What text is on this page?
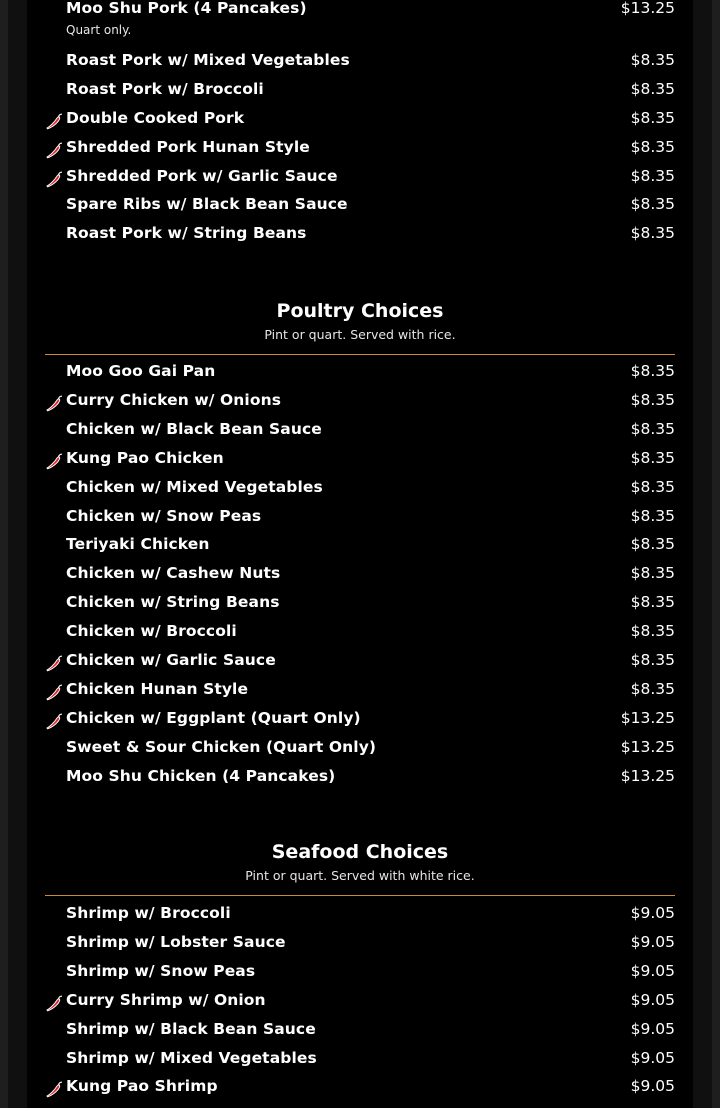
Moo Shu Pork (4 Pancakes)	$13.25
Quart only.
Roast Pork w/ Mixed Vegetables	$8.35
Roast Pork w/ Broccoli	$8.35
Double Cooked Pork	$8.35
Shredded Pork Hunan Style	$8.35
Shredded Pork w/ Garlic Sauce	$8.35
Spare Ribs w/ Black Bean Sauce	$8.35
Roast Pork w/ String Beans	$8.35
Poultry Choices
Pint or quart. Served with rice.
Moo Goo Gai Pan	$8.35
Curry Chicken w/ Onions	$8.35
Chicken w/ Black Bean Sauce	$8.35
Kung Pao Chicken	$8.35
Chicken w/ Mixed Vegetables	$8.35
Chicken w/ Snow Peas	$8.35
Teriyaki Chicken	$8.35
Chicken w/ Cashew Nuts	$8.35
Chicken w/ String Beans	$8.35
Chicken w/ Broccoli	$8.35
Chicken w/ Garlic Sauce	$8.35
Chicken Hunan Style	$8.35
Chicken w/ Eggplant (Quart Only)	$13.25
Sweet & Sour Chicken (Quart Only)	$13.25
Moo Shu Chicken (4 Pancakes)	$13.25
Seafood Choices
Pint or quart. Served with white rice.
Shrimp w/ Broccoli	$9.05
Shrimp w/ Lobster Sauce	$9.05
Shrimp w/ Snow Peas	$9.05
Curry Shrimp w/ Onion	$9.05
Shrimp w/ Black Bean Sauce	$9.05
Shrimp w/ Mixed Vegetables	$9.05
Kung Pao Shrimp	$9.05
